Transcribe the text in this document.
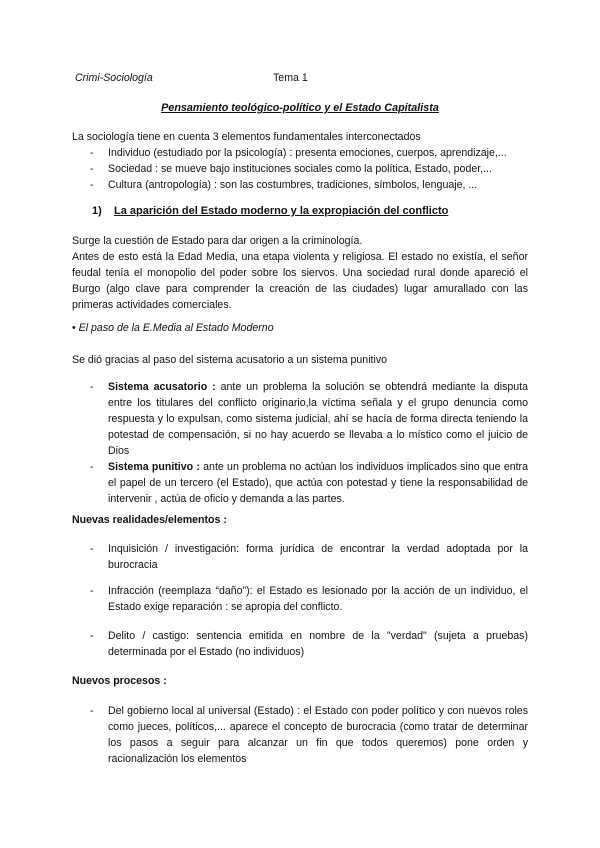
Crimi-Sociología	Tema 1
Pensamiento teológico-político y el Estado Capitalista
La sociología tiene en cuenta 3 elementos fundamentales interconectados
- Individuo (estudiado por la psicología) : presenta emociones, cuerpos, aprendizaje,...
- Sociedad : se mueve bajo instituciones sociales como la política, Estado, poder,...
- Cultura (antropología) : son las costumbres, tradiciones, símbolos, lenguaje, ...
1) La aparición del Estado moderno y la expropiación del conflicto
Surge la cuestión de Estado para dar origen a la criminología.
Antes de esto está la Edad Media, una etapa violenta y religiosa. El estado no existía, el señor feudal tenía el monopolio del poder sobre los siervos. Una sociedad rural donde apareció el Burgo (algo clave para comprender la creación de las ciudades) lugar amurallado con las primeras actividades comerciales.
• El paso de la E.Media al Estado Moderno
Se dió gracias al paso del sistema acusatorio a un sistema punitivo
- Sistema acusatorio : ante un problema la solución se obtendrá mediante la disputa entre los titulares del conflicto originario,la víctima señala y el grupo denuncia como respuesta y lo expulsan, como sistema judicial, ahí se hacía de forma directa teniendo la potestad de compensación, si no hay acuerdo se llevaba a lo místico como el juicio de Dios
- Sistema punitivo : ante un problema no actúan los individuos implicados sino que entra el papel de un tercero (el Estado), que actúa con potestad y tiene la responsabilidad de intervenir , actúa de oficio y demanda a las partes.
Nuevas realidades/elementos :
- Inquisición / investigación: forma jurídica de encontrar la verdad adoptada por la burocracia
- Infracción (reemplaza “daño”): el Estado es lesionado por la acción de un individuo, el Estado exige reparación : se apropia del conflicto.
- Delito / castigo: sentencia emitida en nombre de la "verdad" (sujeta a pruebas) determinada por el Estado (no individuos)
Nuevos procesos :
- Del gobierno local al universal (Estado) : el Estado con poder político y con nuevos roles como jueces, políticos,... aparece el concepto de burocracia (como tratar de determinar los pasos a seguir para alcanzar un fin que todos queremos) pone orden y racionalización los elementos
